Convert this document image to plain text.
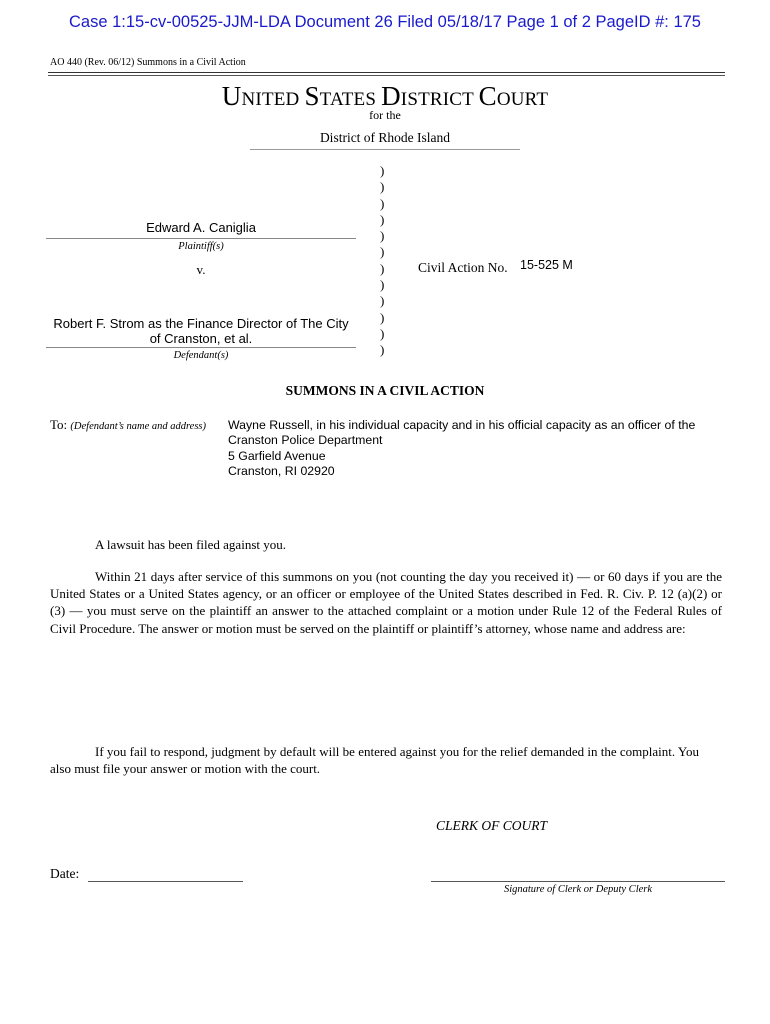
Case 1:15-cv-00525-JJM-LDA Document 26 Filed 05/18/17 Page 1 of 2 PageID #: 175
AO 440 (Rev. 06/12) Summons in a Civil Action
UNITED STATES DISTRICT COURT
for the
District of Rhode Island
)
)
)
)
)
)
)
)
)
)
)
)
Edward A. Caniglia
Plaintiff(s)
v.
Robert F. Strom as the Finance Director of The City
of Cranston, et al.
Defendant(s)
Civil Action No. 15-525 M
SUMMONS IN A CIVIL ACTION
To: (Defendant’s name and address) Wayne Russell, in his individual capacity and in his official capacity as an officer of the
Cranston Police Department
5 Garfield Avenue
Cranston, RI 02920
A lawsuit has been filed against you.
Within 21 days after service of this summons on you (not counting the day you received it) — or 60 days if you are the United States or a United States agency, or an officer or employee of the United States described in Fed. R. Civ. P. 12 (a)(2) or (3) — you must serve on the plaintiff an answer to the attached complaint or a motion under Rule 12 of the Federal Rules of Civil Procedure. The answer or motion must be served on the plaintiff or plaintiff’s attorney, whose name and address are:
If you fail to respond, judgment by default will be entered against you for the relief demanded in the complaint. You also must file your answer or motion with the court.
CLERK OF COURT
Date:
Signature of Clerk or Deputy Clerk
